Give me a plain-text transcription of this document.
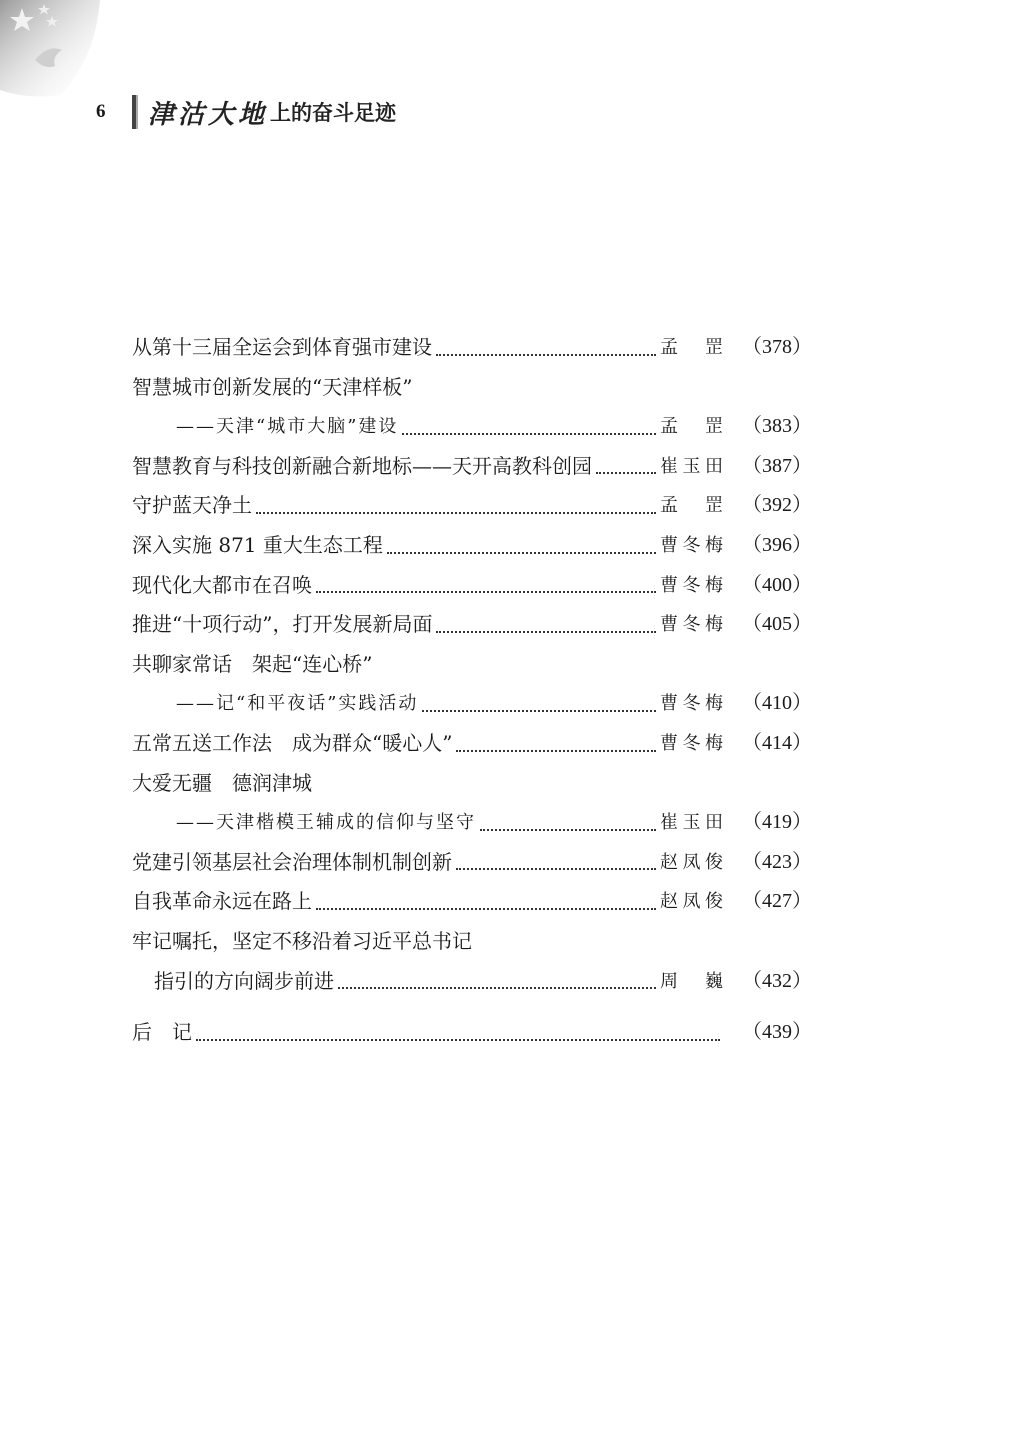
6	津沽大地 上的奋斗足迹
从第十三届全运会到体育强市建设	孟 罡 （378）
智慧城市创新发展的“天津样板”
——天津“城市大脑”建设	孟 罡 （383）
智慧教育与科技创新融合新地标——天开高教科创园	崔玉田 （387）
守护蓝天净土	孟 罡 （392）
深入实施 871 重大生态工程	曹冬梅 （396）
现代化大都市在召唤	曹冬梅 （400）
推进“十项行动”，打开发展新局面	曹冬梅 （405）
共聊家常话　架起“连心桥”
——记“和平夜话”实践活动	曹冬梅 （410）
五常五送工作法　成为群众“暖心人”	曹冬梅 （414）
大爱无疆　德润津城
——天津楷模王辅成的信仰与坚守	崔玉田 （419）
党建引领基层社会治理体制机制创新	赵凤俊 （423）
自我革命永远在路上	赵凤俊 （427）
牢记嘱托，坚定不移沿着习近平总书记
指引的方向阔步前进	周 巍 （432）
后　记	（439）
